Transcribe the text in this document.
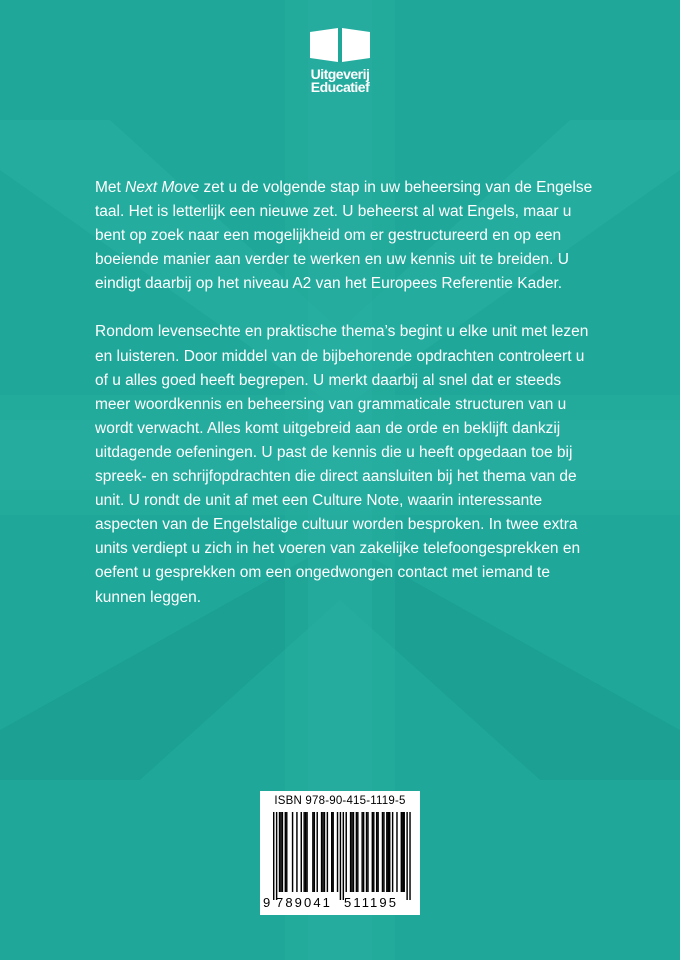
Uitgeverij
Educatief

Met Next Move zet u de volgende stap in uw beheersing van de Engelse taal. Het is letterlijk een nieuwe zet. U beheerst al wat Engels, maar u bent op zoek naar een mogelijkheid om er gestructureerd en op een boeiende manier aan verder te werken en uw kennis uit te breiden. U eindigt daarbij op het niveau A2 van het Europees Referentie Kader.

Rondom levensechte en praktische thema’s begint u elke unit met lezen en luisteren. Door middel van de bijbehorende opdrachten controleert u of u alles goed heeft begrepen. U merkt daarbij al snel dat er steeds meer woordkennis en beheersing van grammaticale structuren van u wordt verwacht. Alles komt uitgebreid aan de orde en beklijft dankzij uitdagende oefeningen. U past de kennis die u heeft opgedaan toe bij spreek- en schrijfopdrachten die direct aansluiten bij het thema van de unit. U rondt de unit af met een Culture Note, waarin interessante aspecten van de Engelstalige cultuur worden besproken. In twee extra units verdiept u zich in het voeren van zakelijke telefoongesprekken en oefent u gesprekken om een ongedwongen contact met iemand te kunnen leggen.

ISBN 978-90-415-1119-5
9 789041 511195
